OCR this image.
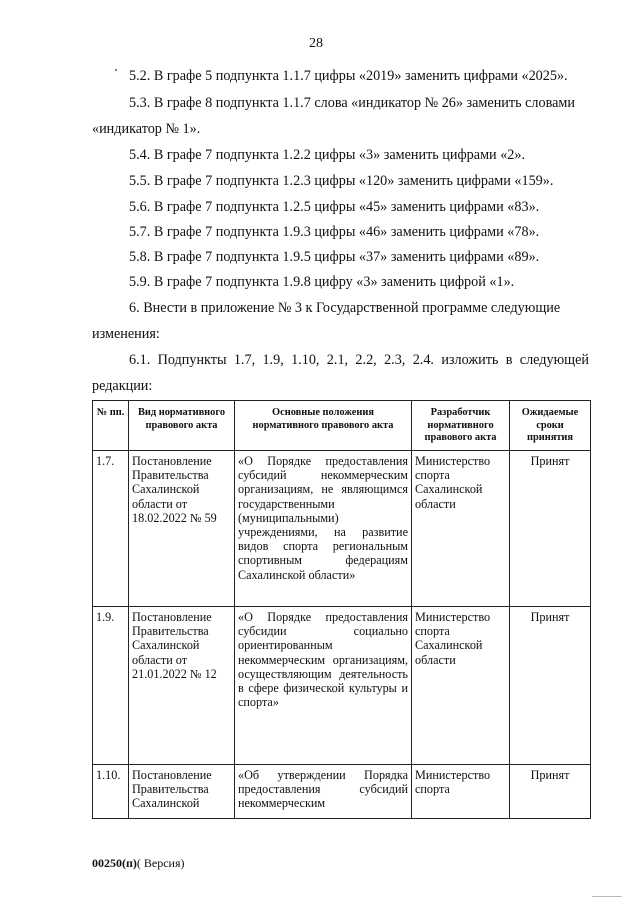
28
5.2. В графе 5 подпункта 1.1.7 цифры «2019» заменить цифрами «2025».
5.3. В графе 8 подпункта 1.1.7 слова «индикатор № 26» заменить словами
«индикатор № 1».
5.4. В графе 7 подпункта 1.2.2 цифры «3» заменить цифрами «2».
5.5. В графе 7 подпункта 1.2.3 цифры «120» заменить цифрами «159».
5.6. В графе 7 подпункта 1.2.5 цифры «45» заменить цифрами «83».
5.7. В графе 7 подпункта 1.9.3 цифры «46» заменить цифрами «78».
5.8. В графе 7 подпункта 1.9.5 цифры «37» заменить цифрами «89».
5.9. В графе 7 подпункта 1.9.8 цифру «3» заменить цифрой «1».
6. Внести в приложение № 3 к Государственной программе следующие
изменения:
6.1. Подпункты 1.7, 1.9, 1.10, 2.1, 2.2, 2.3, 2.4. изложить в следующей
редакции:
№ пп.	Вид нормативного правового акта	Основные положения нормативного правового акта	Разработчик нормативного правового акта	Ожидаемые сроки принятия
1.7.	Постановление Правительства Сахалинской области от 18.02.2022 № 59	«О Порядке предоставления субсидий некоммерческим организациям, не являющимся государственными (муниципальными) учреждениями, на развитие видов спорта региональным спортивным федерациям Сахалинской области»	Министерство спорта Сахалинской области	Принят
1.9.	Постановление Правительства Сахалинской области от 21.01.2022 № 12	«О Порядке предоставления субсидии социально ориентированным некоммерческим организациям, осуществляющим деятельность в сфере физической культуры и спорта»	Министерство спорта Сахалинской области	Принят
1.10.	Постановление Правительства Сахалинской	«Об утверждении Порядка предоставления субсидий некоммерческим	Министерство спорта	Принят
00250(п)( Версия)
